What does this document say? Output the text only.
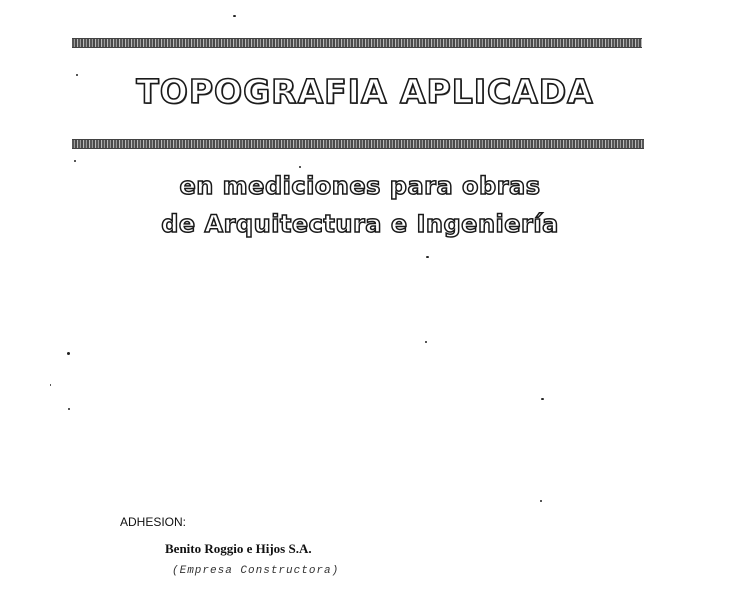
TOPOGRAFIA APLICADA
en mediciones para obras
de Arquitectura e Ingeniería
ADHESION:
Benito Roggio e Hijos S.A.
(Empresa Constructora)
